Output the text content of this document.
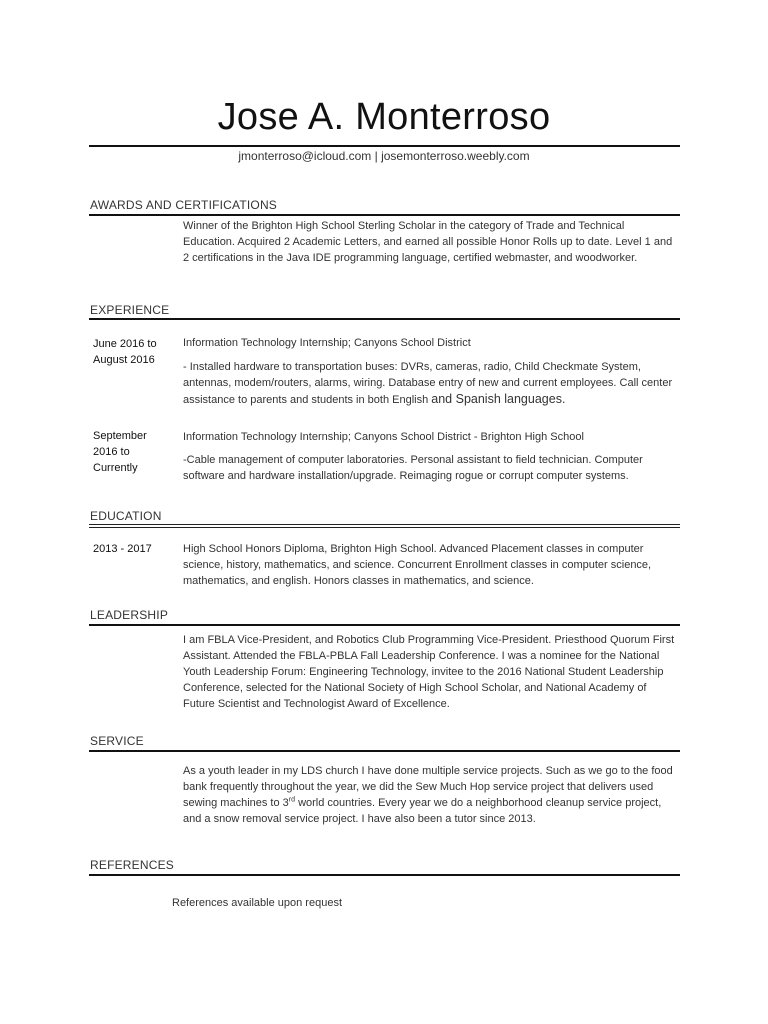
Jose A. Monterroso
jmonterroso@icloud.com | josemonterroso.weebly.com
AWARDS AND CERTIFICATIONS
Winner of the Brighton High School Sterling Scholar in the category of Trade and Technical Education. Acquired 2 Academic Letters, and earned all possible Honor Rolls up to date. Level 1 and 2 certifications in the Java IDE programming language, certified webmaster, and woodworker.
EXPERIENCE
June 2016 to August 2016
Information Technology Internship; Canyons School District
- Installed hardware to transportation buses: DVRs, cameras, radio, Child Checkmate System, antennas, modem/routers, alarms, wiring. Database entry of new and current employees. Call center assistance to parents and students in both English and Spanish languages.
September 2016 to Currently
Information Technology Internship; Canyons School District - Brighton High School
-Cable management of computer laboratories. Personal assistant to field technician. Computer software and hardware installation/upgrade. Reimaging rogue or corrupt computer systems.
EDUCATION
2013 - 2017	High School Honors Diploma, Brighton High School. Advanced Placement classes in computer science, history, mathematics, and science. Concurrent Enrollment classes in computer science, mathematics, and english. Honors classes in mathematics, and science.
LEADERSHIP
I am FBLA Vice-President, and Robotics Club Programming Vice-President. Priesthood Quorum First Assistant. Attended the FBLA-PBLA Fall Leadership Conference. I was a nominee for the National Youth Leadership Forum: Engineering Technology, invitee to the 2016 National Student Leadership Conference, selected for the National Society of High School Scholar, and National Academy of Future Scientist and Technologist Award of Excellence.
SERVICE
As a youth leader in my LDS church I have done multiple service projects. Such as we go to the food bank frequently throughout the year, we did the Sew Much Hop service project that delivers used sewing machines to 3rd world countries. Every year we do a neighborhood cleanup service project, and a snow removal service project. I have also been a tutor since 2013.
REFERENCES
References available upon request
